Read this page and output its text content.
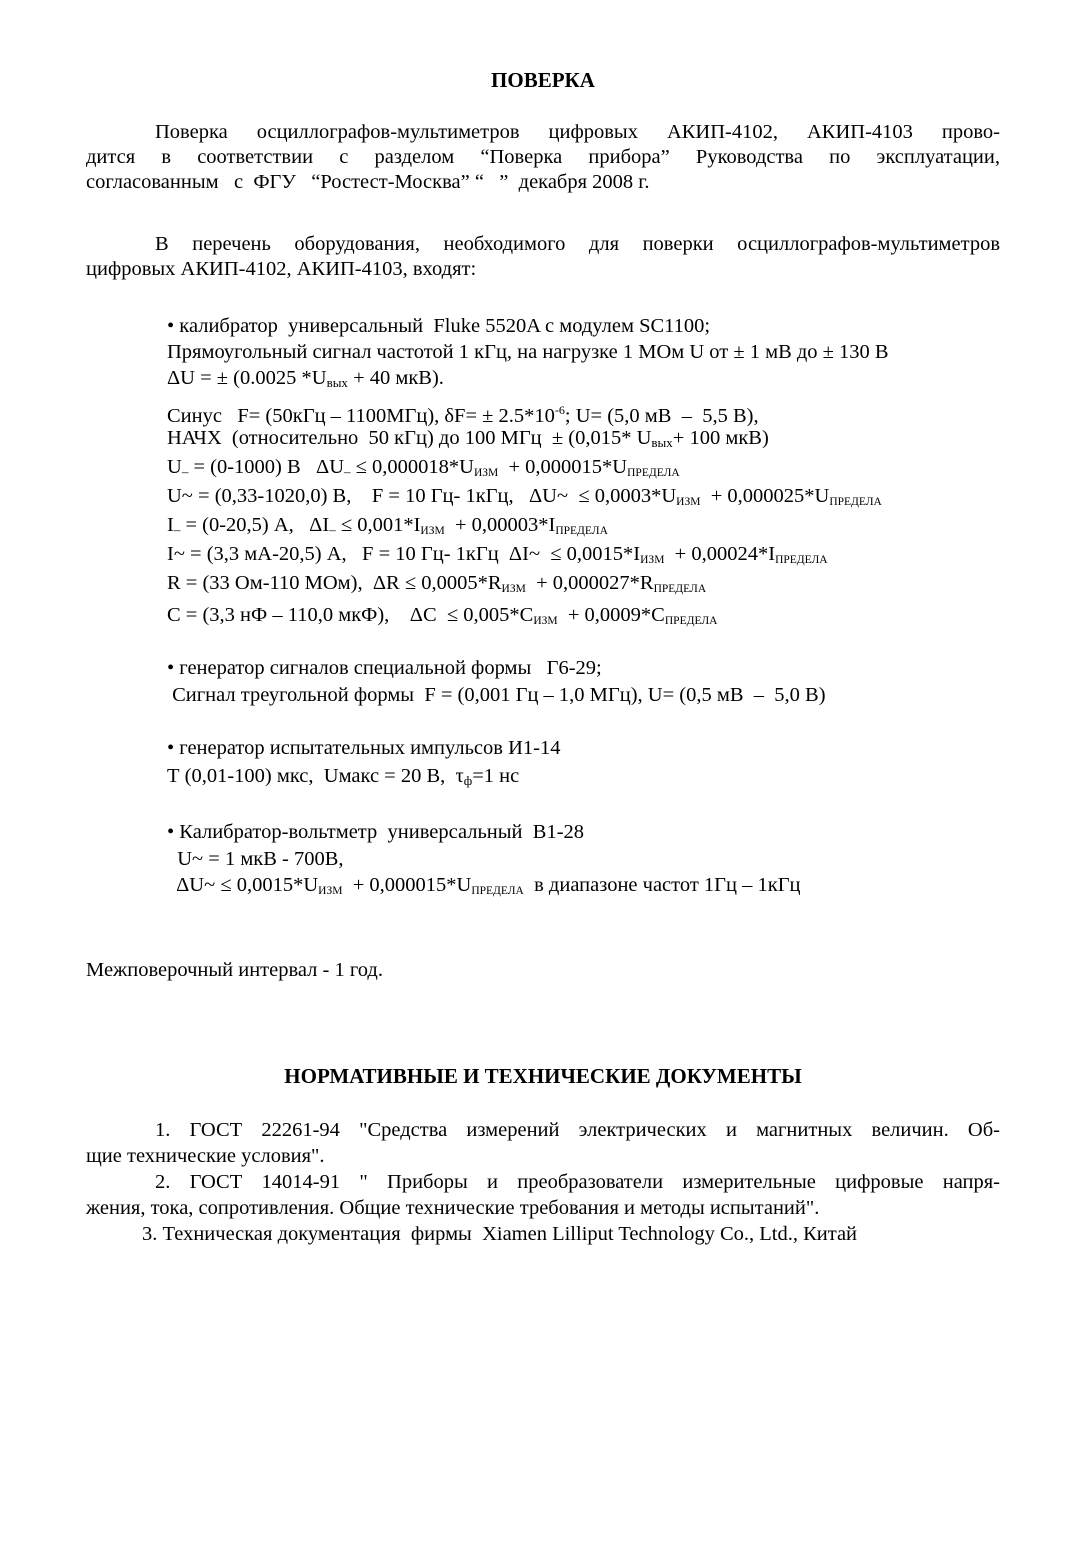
ПОВЕРКА
Поверка осциллографов-мультиметров цифровых АКИП-4102, АКИП-4103 прово-
дится в соответствии с разделом “Поверка прибора” Руководства по эксплуатации,
согласованным   с  ФГУ   “Ростест-Москва” “   ”  декабря 2008 г.
В перечень оборудования, необходимого для поверки осциллографов-мультиметров
цифровых АКИП-4102, АКИП-4103, входят:
• калибратор  универсальный  Fluke 5520A с модулем SC1100;
Прямоугольный сигнал частотой 1 кГц, на нагрузке 1 МОм U от ± 1 мВ до ± 130 В
ΔU = ± (0.0025 $*U_{вых} + 40$ мкВ).
Синус   F= (50кГц – 1100МГц), $\delta F= \pm 2.5*10^{-6}$; U= (5,0 мВ  –  5,5 В),
НАЧХ  (относительно  50 кГц) до 100 МГц  ± (0,015* $U_{вых}+ 100$ мкВ)
$U_- = (0-1000)$ В   $\Delta U_-$ ≤ 0,000018*UИЗМ  + 0,000015*UПРЕДЕЛА
U~ = (0,33-1020,0) В,    F = 10 Гц- 1кГц,   ΔU~  ≤ 0,0003*UИЗМ  + 0,000025*UПРЕДЕЛА
$I_- = (0-20,5)$ А,   $\Delta I_-$ ≤ 0,001*IИЗМ  + 0,00003*IПРЕДЕЛА
I~ = (3,3 мА-20,5) А,   F = 10 Гц- 1кГц  ΔI~  ≤ 0,0015*IИЗМ  + 0,00024*IПРЕДЕЛА
R = (33 Ом-110 МОм),  ΔR ≤ 0,0005*RИЗМ  + 0,000027*RПРЕДЕЛА
C = (3,3 нФ – 110,0 мкФ),    ΔC  ≤ 0,005*CИЗМ  + 0,0009*CПРЕДЕЛА
• генератор сигналов специальной формы   Г6-29;
Сигнал треугольной формы  F = (0,001 Гц – 1,0 МГц), U= (0,5 мВ  –  5,0 В)
• генератор испытательных импульсов И1-14
Т (0,01-100) мкс,  Uмакс = 20 В,  $\tau_ф=1$ нс
• Калибратор-вольтметр  универсальный  В1-28
U~ = 1 мкВ - 700В,
ΔU~ ≤ 0,0015*UИЗМ  + 0,000015*UПРЕДЕЛА  в диапазоне частот 1Гц – 1кГц
Межповерочный интервал - 1 год.
НОРМАТИВНЫЕ И ТЕХНИЧЕСКИЕ ДОКУМЕНТЫ
1. ГОСТ 22261-94 "Средства измерений электрических и магнитных величин. Об-
щие технические условия".
2. ГОСТ 14014-91 " Приборы и преобразователи измерительные цифровые напря-
жения, тока, сопротивления. Общие технические требования и методы испытаний".
3. Техническая документация  фирмы  Xiamen Lilliput Technology Co., Ltd., Китай
